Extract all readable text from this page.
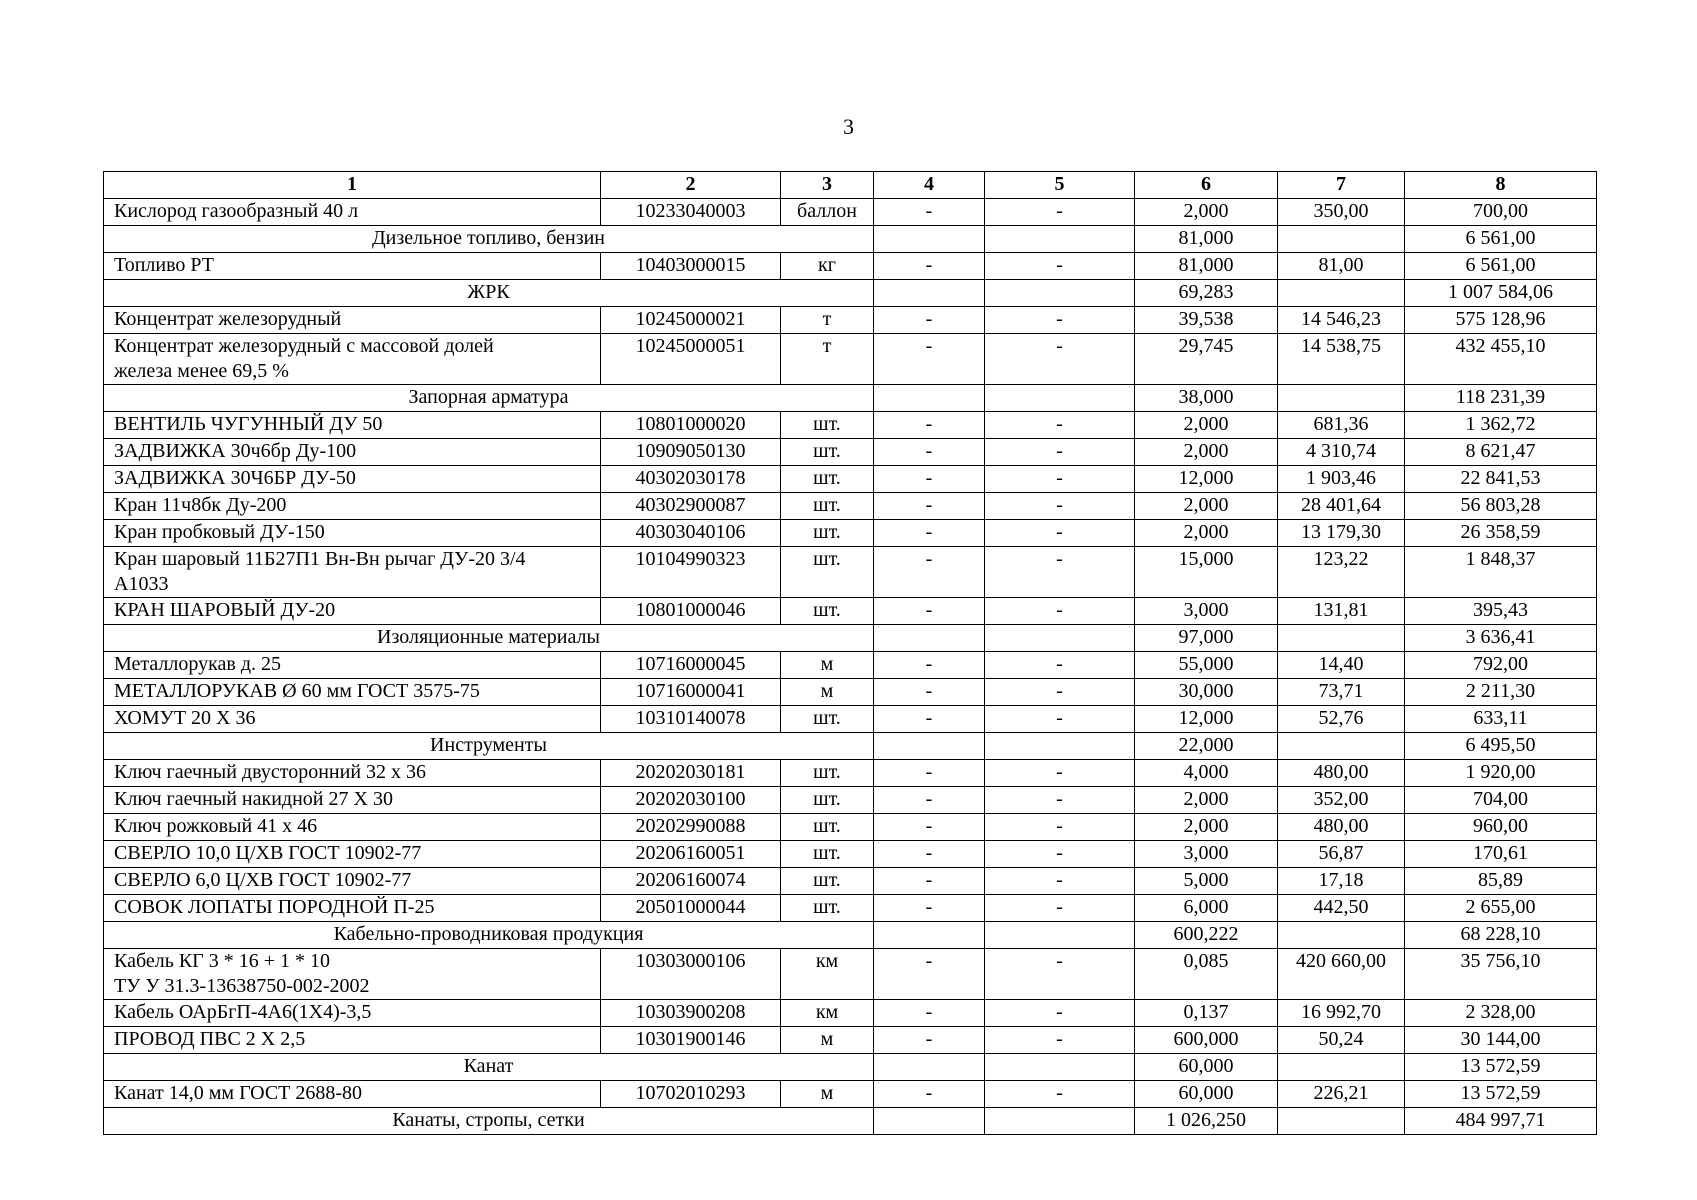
3
1	2	3	4	5	6	7	8
Кислород газообразный 40 л	10233040003	баллон	-	-	2,000	350,00	700,00
Дизельное топливо, бензин					81,000		6 561,00
Топливо РТ	10403000015	кг	-	-	81,000	81,00	6 561,00
ЖРК					69,283		1 007 584,06
Концентрат железорудный	10245000021	т	-	-	39,538	14 546,23	575 128,96
Концентрат железорудный с массовой долей
железа менее 69,5 %	10245000051	т	-	-	29,745	14 538,75	432 455,10
Запорная арматура					38,000		118 231,39
ВЕНТИЛЬ ЧУГУННЫЙ ДУ 50	10801000020	шт.	-	-	2,000	681,36	1 362,72
ЗАДВИЖКА 30ч6бр Ду-100	10909050130	шт.	-	-	2,000	4 310,74	8 621,47
ЗАДВИЖКА 30Ч6БР ДУ-50	40302030178	шт.	-	-	12,000	1 903,46	22 841,53
Кран 11ч8бк Ду-200	40302900087	шт.	-	-	2,000	28 401,64	56 803,28
Кран пробковый ДУ-150	40303040106	шт.	-	-	2,000	13 179,30	26 358,59
Кран шаровый 11Б27П1 Вн-Вн рычаг ДУ-20 3/4
А1033	10104990323	шт.	-	-	15,000	123,22	1 848,37
КРАН ШАРОВЫЙ ДУ-20	10801000046	шт.	-	-	3,000	131,81	395,43
Изоляционные материалы					97,000		3 636,41
Металлорукав д. 25	10716000045	м	-	-	55,000	14,40	792,00
МЕТАЛЛОРУКАВ Ø 60 мм ГОСТ 3575-75	10716000041	м	-	-	30,000	73,71	2 211,30
ХОМУТ 20 Х 36	10310140078	шт.	-	-	12,000	52,76	633,11
Инструменты					22,000		6 495,50
Ключ гаечный двусторонний 32 х 36	20202030181	шт.	-	-	4,000	480,00	1 920,00
Ключ гаечный накидной 27 Х 30	20202030100	шт.	-	-	2,000	352,00	704,00
Ключ рожковый 41 х 46	20202990088	шт.	-	-	2,000	480,00	960,00
СВЕРЛО 10,0 Ц/ХВ ГОСТ 10902-77	20206160051	шт.	-	-	3,000	56,87	170,61
СВЕРЛО 6,0 Ц/ХВ ГОСТ 10902-77	20206160074	шт.	-	-	5,000	17,18	85,89
СОВОК ЛОПАТЫ ПОРОДНОЙ П-25	20501000044	шт.	-	-	6,000	442,50	2 655,00
Кабельно-проводниковая продукция					600,222		68 228,10
Кабель КГ 3 * 16 + 1 * 10
ТУ У 31.3-13638750-002-2002	10303000106	км	-	-	0,085	420 660,00	35 756,10
Кабель ОАрБгП-4А6(1Х4)-3,5	10303900208	км	-	-	0,137	16 992,70	2 328,00
ПРОВОД ПВС 2 Х 2,5	10301900146	м	-	-	600,000	50,24	30 144,00
Канат					60,000		13 572,59
Канат 14,0 мм ГОСТ 2688-80	10702010293	м	-	-	60,000	226,21	13 572,59
Канаты, стропы, сетки					1 026,250		484 997,71
